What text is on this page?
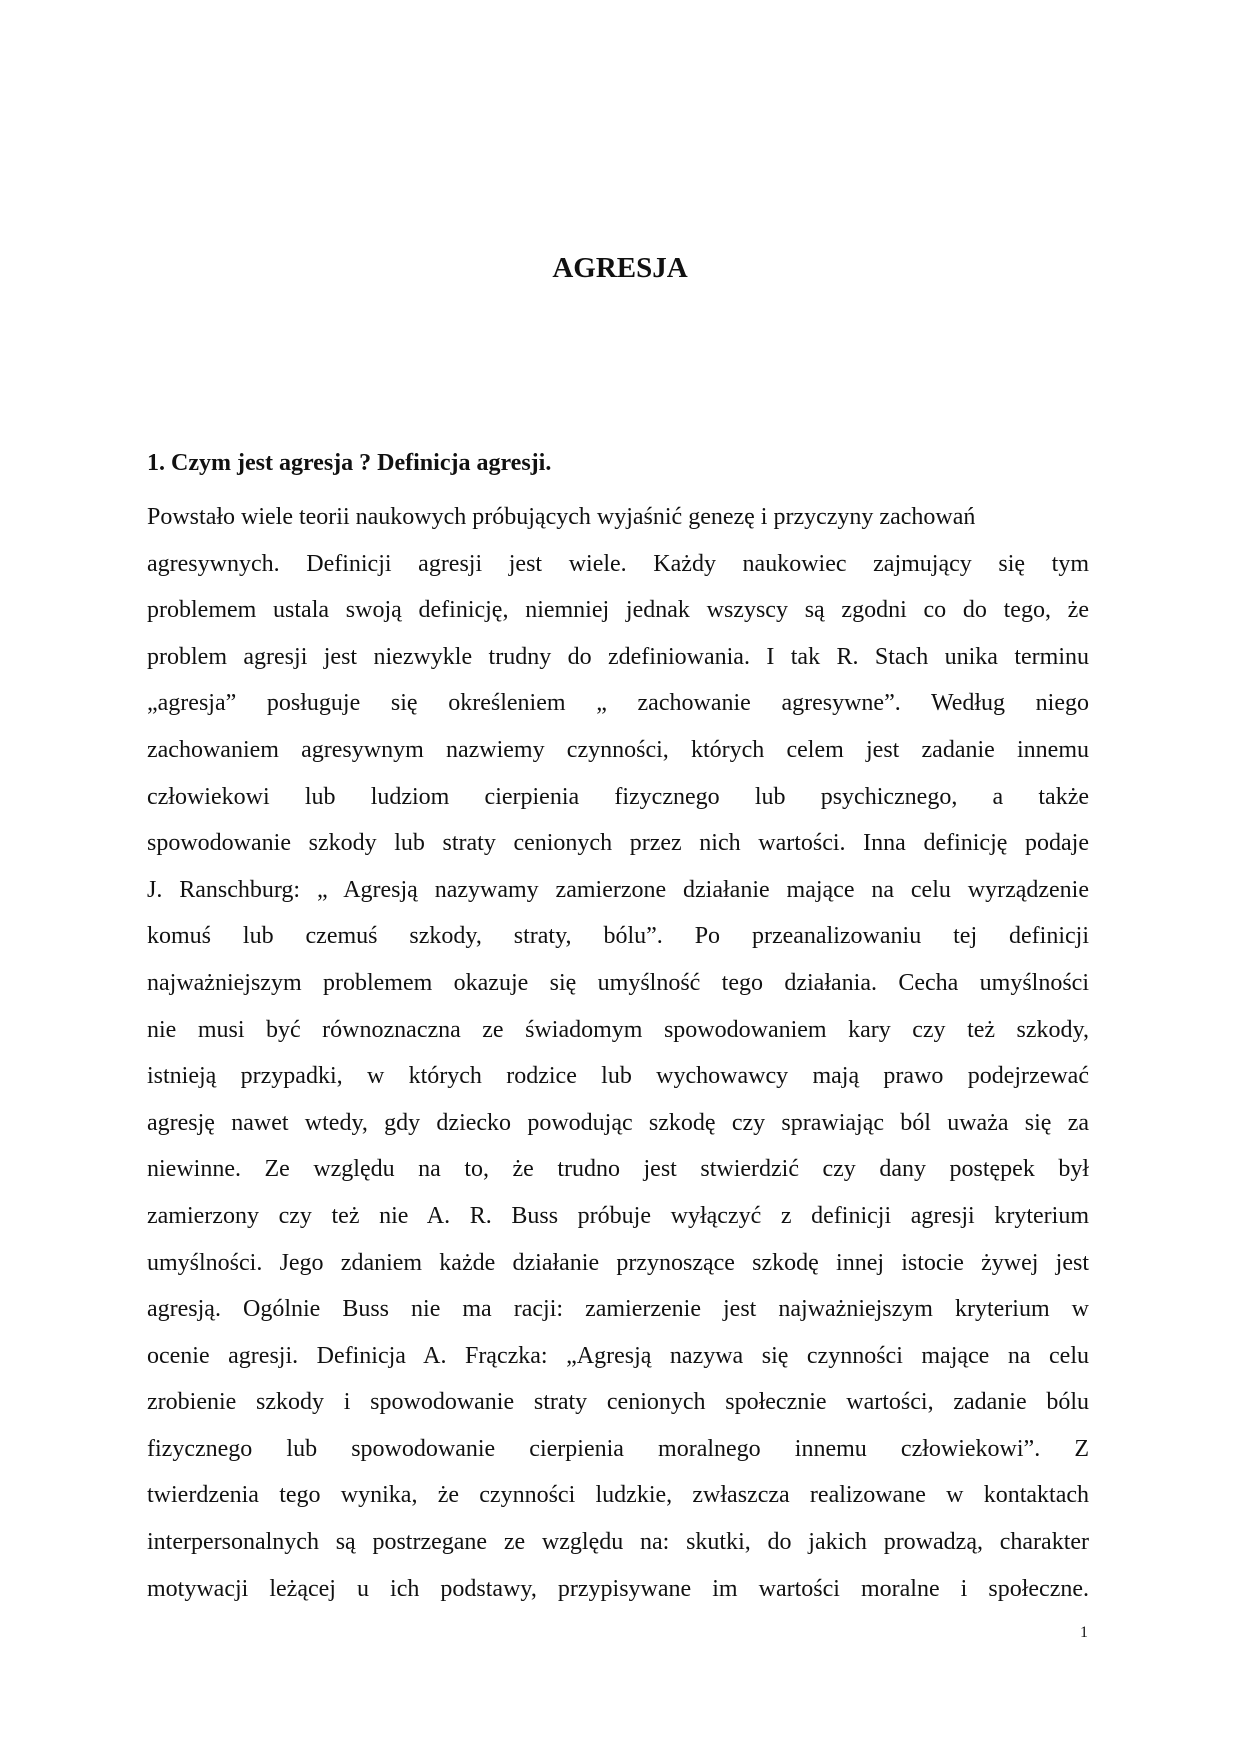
AGRESJA
1. Czym jest agresja ? Definicja agresji.
Powstało wiele teorii naukowych próbujących wyjaśnić genezę i przyczyny zachowań
agresywnych. Definicji agresji jest wiele. Każdy naukowiec zajmujący się tym
problemem ustala swoją definicję, niemniej jednak wszyscy są zgodni co do tego, że
problem agresji jest niezwykle trudny do zdefiniowania. I tak R. Stach unika terminu
„agresja” posługuje się określeniem „ zachowanie agresywne”. Według niego
zachowaniem agresywnym nazwiemy czynności, których celem jest zadanie innemu
człowiekowi lub ludziom cierpienia fizycznego lub psychicznego, a także
spowodowanie szkody lub straty cenionych przez nich wartości. Inna definicję podaje
J. Ranschburg: „ Agresją nazywamy zamierzone działanie mające na celu wyrządzenie
komuś lub czemuś szkody, straty, bólu”. Po przeanalizowaniu tej definicji
najważniejszym problemem okazuje się umyślność tego działania. Cecha umyślności
nie musi być równoznaczna ze świadomym spowodowaniem kary czy też szkody,
istnieją przypadki, w których rodzice lub wychowawcy mają prawo podejrzewać
agresję nawet wtedy, gdy dziecko powodując szkodę czy sprawiając ból uważa się za
niewinne. Ze względu na to, że trudno jest stwierdzić czy dany postępek był
zamierzony czy też nie A. R. Buss próbuje wyłączyć z definicji agresji kryterium
umyślności. Jego zdaniem każde działanie przynoszące szkodę innej istocie żywej jest
agresją. Ogólnie Buss nie ma racji: zamierzenie jest najważniejszym kryterium w
ocenie agresji. Definicja A. Frączka: „Agresją nazywa się czynności mające na celu
zrobienie szkody i spowodowanie straty cenionych społecznie wartości, zadanie bólu
fizycznego lub spowodowanie cierpienia moralnego innemu człowiekowi”. Z
twierdzenia tego wynika, że czynności ludzkie, zwłaszcza realizowane w kontaktach
interpersonalnych są postrzegane ze względu na: skutki, do jakich prowadzą, charakter
motywacji leżącej u ich podstawy, przypisywane im wartości moralne i społeczne.
1
